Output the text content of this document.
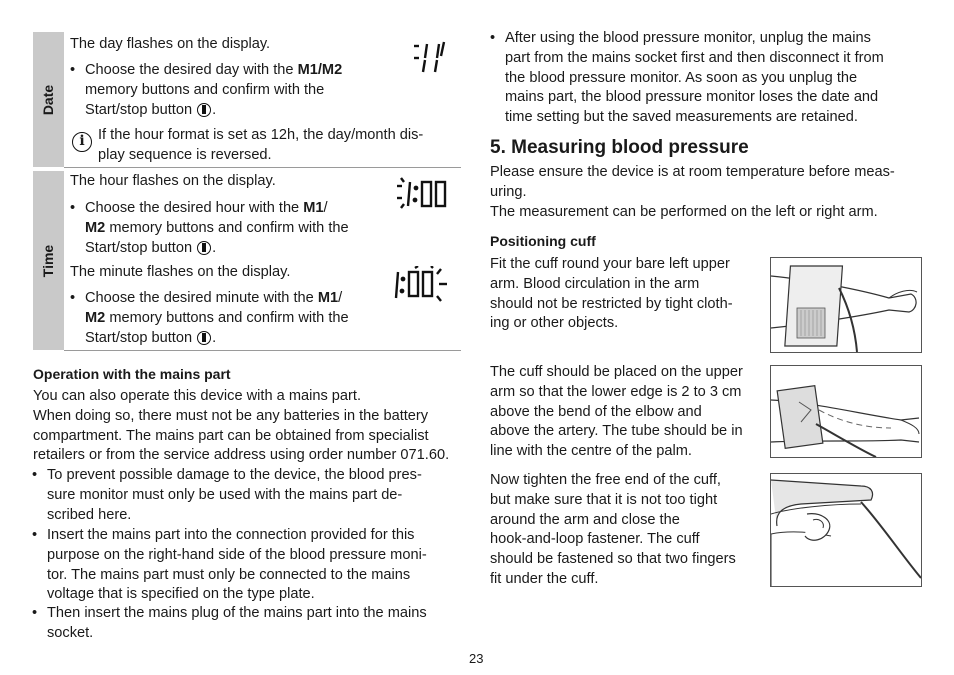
Date
The day flashes on the display.
• Choose the desired day with the M1/M2
memory buttons and confirm with the
Start/stop button .
i If the hour format is set as 12h, the day/month dis-
play sequence is reversed.
Time
The hour flashes on the display.
• Choose the desired hour with the M1/
M2 memory buttons and confirm with the
Start/stop button .
The minute flashes on the display.
• Choose the desired minute with the M1/
M2 memory buttons and confirm with the
Start/stop button .
Operation with the mains part
You can also operate this device with a mains part.
When doing so, there must not be any batteries in the battery
compartment. The mains part can be obtained from specialist
retailers or from the service address using order number 071.60.
• To prevent possible damage to the device, the blood pres-
sure monitor must only be used with the mains part de-
scribed here.
• Insert the mains part into the connection provided for this
purpose on the right-hand side of the blood pressure moni-
tor. The mains part must only be connected to the mains
voltage that is specified on the type plate.
• Then insert the mains plug of the mains part into the mains
socket.
• After using the blood pressure monitor, unplug the mains
part from the mains socket first and then disconnect it from
the blood pressure monitor. As soon as you unplug the
mains part, the blood pressure monitor loses the date and
time setting but the saved measurements are retained.
5. Measuring blood pressure
Please ensure the device is at room temperature before meas-
uring.
The measurement can be performed on the left or right arm.
Positioning cuff
Fit the cuff round your bare left upper
arm. Blood circulation in the arm
should not be restricted by tight cloth-
ing or other objects.
The cuff should be placed on the upper
arm so that the lower edge is 2 to 3 cm
above the bend of the elbow and
above the artery. The tube should be in
line with the centre of the palm.
Now tighten the free end of the cuff,
but make sure that it is not too tight
around the arm and close the
hook-and-loop fastener. The cuff
should be fastened so that two fingers
fit under the cuff.
23
